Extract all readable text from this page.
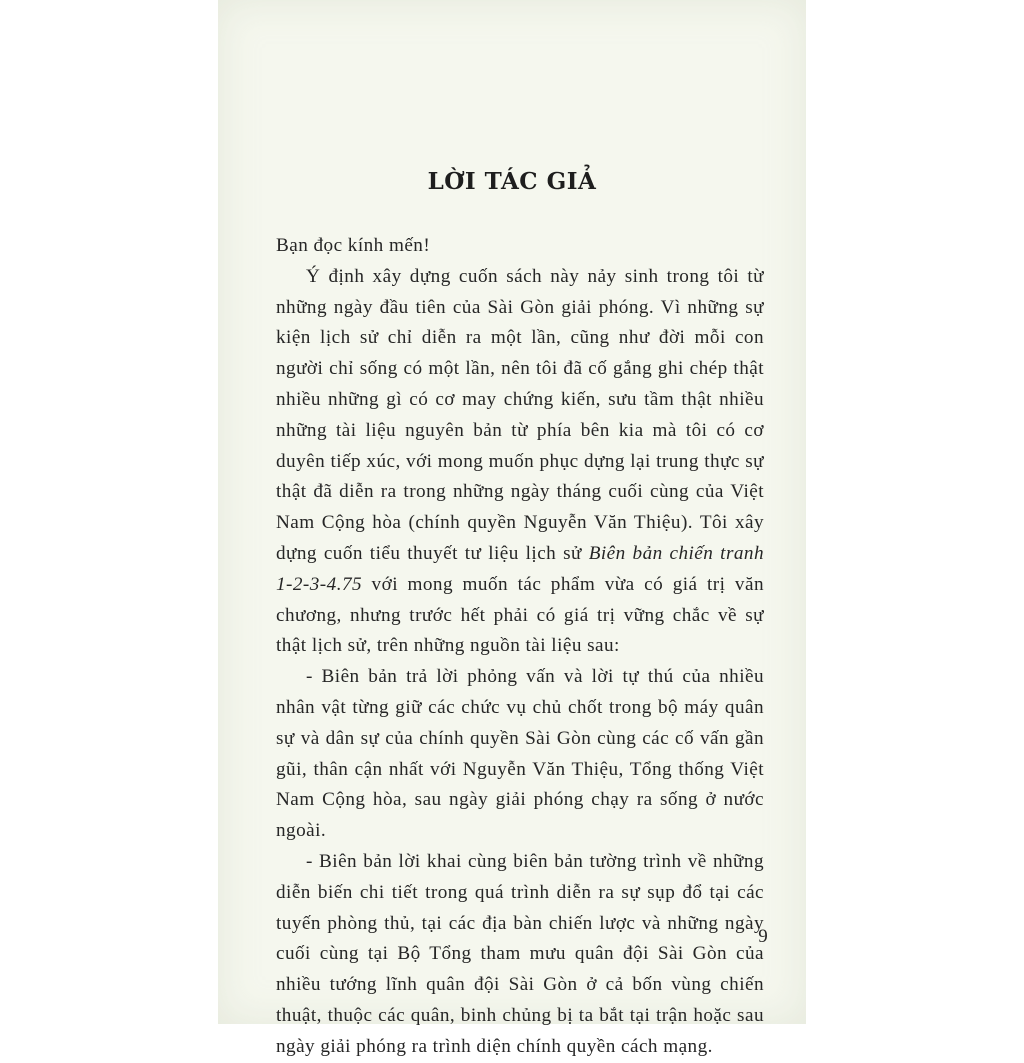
LỜI TÁC GIẢ

Bạn đọc kính mến!

Ý định xây dựng cuốn sách này nảy sinh trong tôi từ những ngày đầu tiên của Sài Gòn giải phóng. Vì những sự kiện lịch sử chỉ diễn ra một lần, cũng như đời mỗi con người chỉ sống có một lần, nên tôi đã cố gắng ghi chép thật nhiều những gì có cơ may chứng kiến, sưu tầm thật nhiều những tài liệu nguyên bản từ phía bên kia mà tôi có cơ duyên tiếp xúc, với mong muốn phục dựng lại trung thực sự thật đã diễn ra trong những ngày tháng cuối cùng của Việt Nam Cộng hòa (chính quyền Nguyễn Văn Thiệu). Tôi xây dựng cuốn tiểu thuyết tư liệu lịch sử Biên bản chiến tranh 1-2-3-4.75 với mong muốn tác phẩm vừa có giá trị văn chương, nhưng trước hết phải có giá trị vững chắc về sự thật lịch sử, trên những nguồn tài liệu sau:

- Biên bản trả lời phỏng vấn và lời tự thú của nhiều nhân vật từng giữ các chức vụ chủ chốt trong bộ máy quân sự và dân sự của chính quyền Sài Gòn cùng các cố vấn gần gũi, thân cận nhất với Nguyễn Văn Thiệu, Tổng thống Việt Nam Cộng hòa, sau ngày giải phóng chạy ra sống ở nước ngoài.

- Biên bản lời khai cùng biên bản tường trình về những diễn biến chi tiết trong quá trình diễn ra sự sụp đổ tại các tuyến phòng thủ, tại các địa bàn chiến lược và những ngày cuối cùng tại Bộ Tổng tham mưu quân đội Sài Gòn của nhiều tướng lĩnh quân đội Sài Gòn ở cả bốn vùng chiến thuật, thuộc các quân, binh chủng bị ta bắt tại trận hoặc sau ngày giải phóng ra trình diện chính quyền cách mạng.

9
